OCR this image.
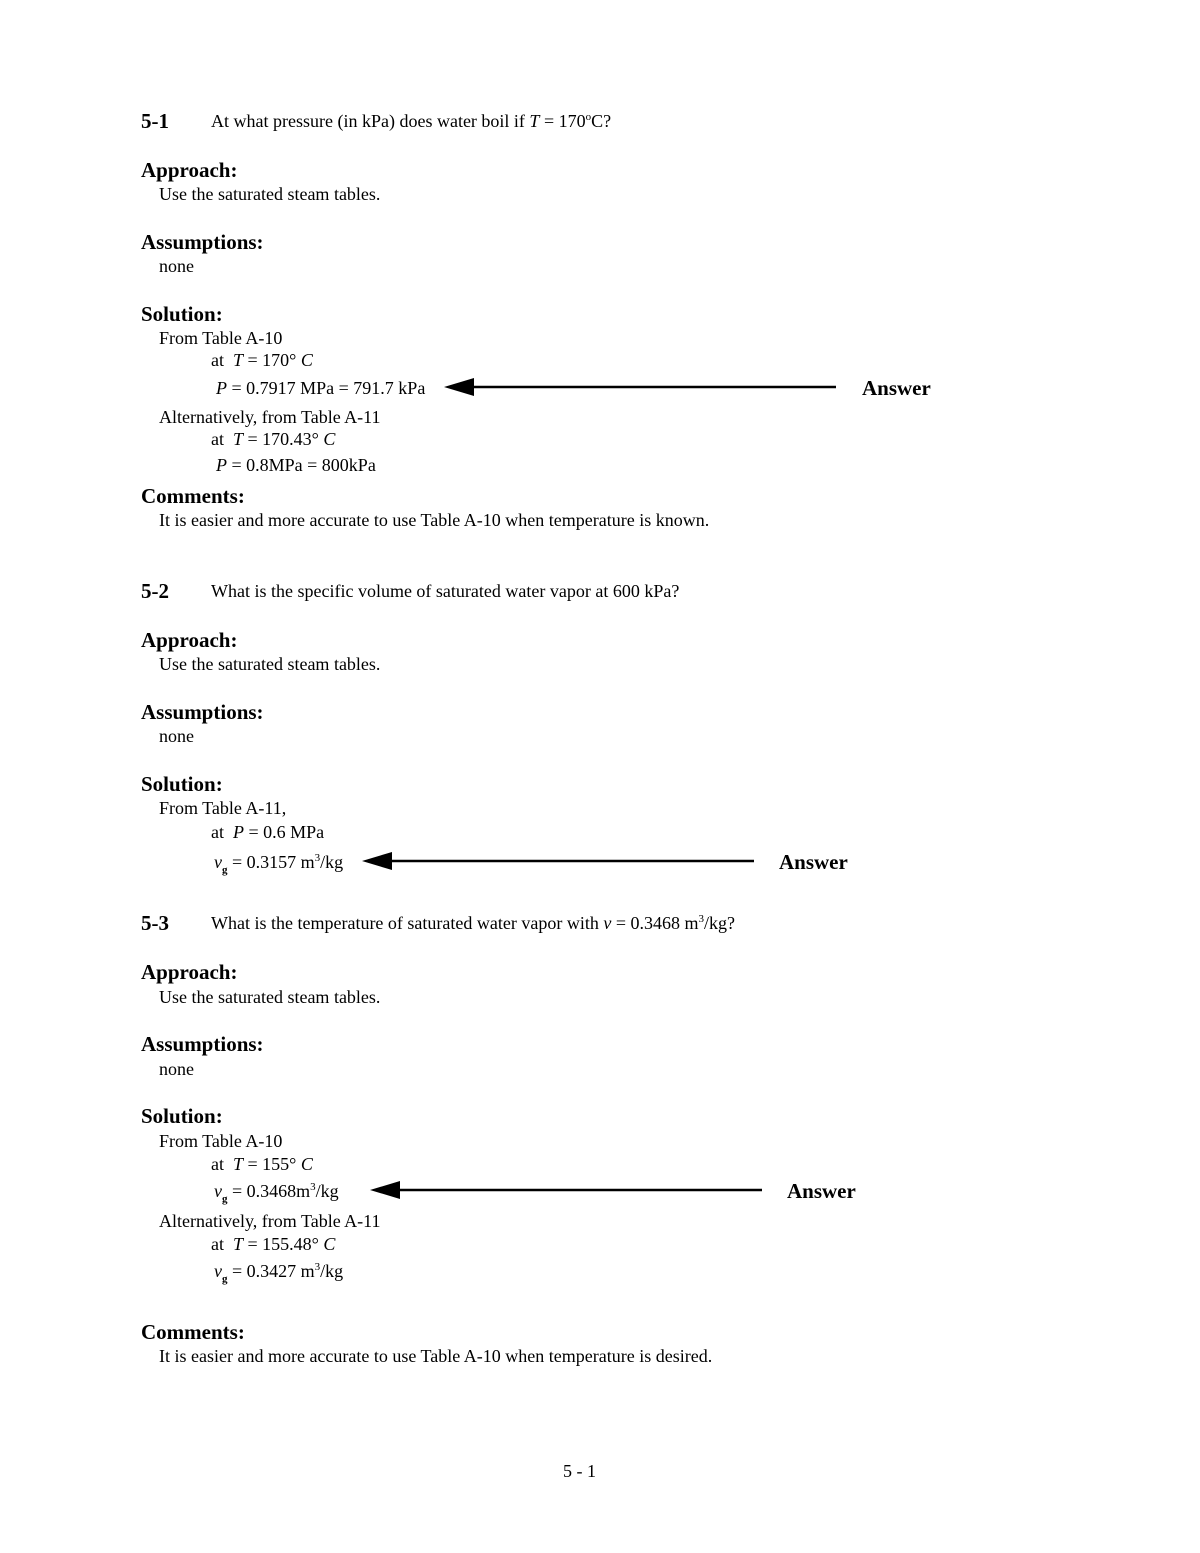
5-1 At what pressure (in kPa) does water boil if $T = 170^oC$?
Approach:
Use the saturated steam tables.
Assumptions:
none
Solution:
From Table A-10
at  T = 170° C
P = 0.7917 MPa = 791.7 kPa	Answer
Alternatively, from Table A-11
at  T = 170.43° C
P = 0.8MPa = 800kPa
Comments:
It is easier and more accurate to use Table A-10 when temperature is known.
5-2 What is the specific volume of saturated water vapor at 600 kPa?
Approach:
Use the saturated steam tables.
Assumptions:
none
Solution:
From Table A-11,
at  P = 0.6 MPa
$v_g = 0.3157$ $m^3/kg$	Answer
5-3 What is the temperature of saturated water vapor with v = 0.3468 $m^3/kg$?
Approach:
Use the saturated steam tables.
Assumptions:
none
Solution:
From Table A-10
at  T = 155° C
$v_g = 0.3468m^3/kg$	Answer
Alternatively, from Table A-11
at  T = 155.48° C
$v_g = 0.3427$ $m^3/kg$
Comments:
It is easier and more accurate to use Table A-10 when temperature is desired.
5 - 1
